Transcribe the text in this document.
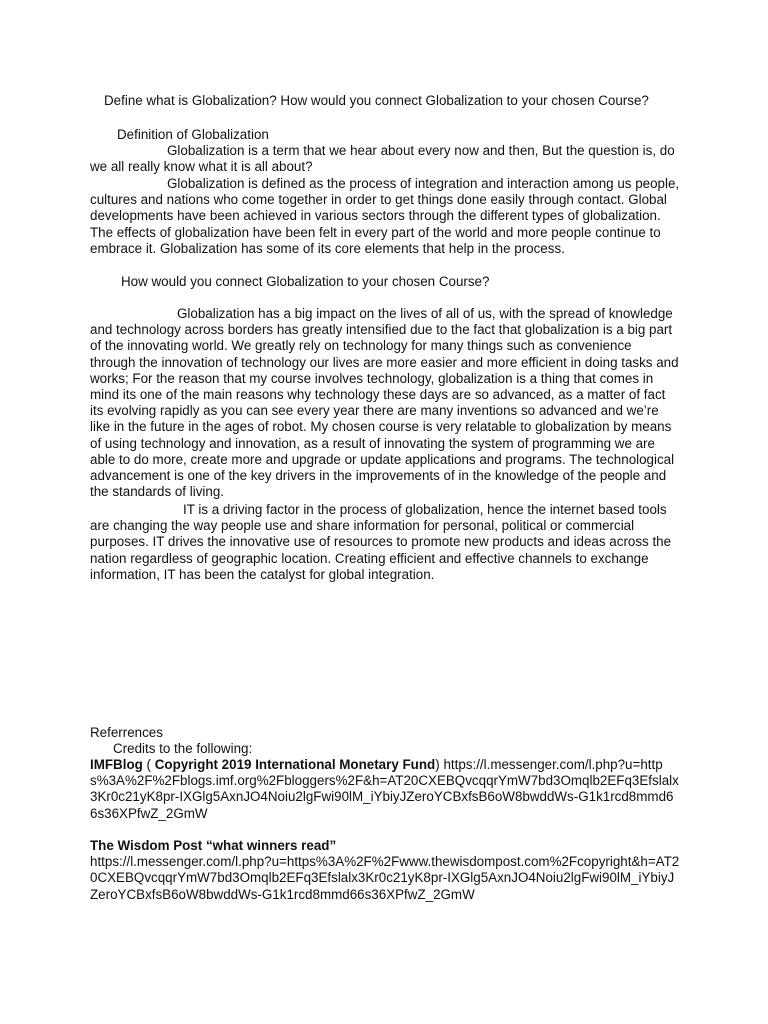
Define what is Globalization? How would you connect Globalization to your chosen Course?

Definition of Globalization

Globalization is a term that we hear about every now and then, But the question is, do we all really know what it is all about?

Globalization is defined as the process of integration and interaction among us people, cultures and nations who come together in order to get things done easily through contact. Global developments have been achieved in various sectors through the different types of globalization. The effects of globalization have been felt in every part of the world and more people continue to embrace it. Globalization has some of its core elements that help in the process.

How would you connect Globalization to your chosen Course?

Globalization has a big impact on the lives of all of us, with the spread of knowledge and technology across borders has greatly intensified due to the fact that globalization is a big part of the innovating world. We greatly rely on technology for many things such as convenience through the innovation of technology our lives are more easier and more efficient in doing tasks and works; For the reason that my course involves technology, globalization is a thing that comes in mind its one of the main reasons why technology these days are so advanced, as a matter of fact its evolving rapidly as you can see every year there are many inventions so advanced and we’re like in the future in the ages of robot. My chosen course is very relatable to globalization by means of using technology and innovation, as a result of innovating the system of programming we are able to do more, create more and upgrade or update applications and programs. The technological advancement is one of the key drivers in the improvements of in the knowledge of the people and the standards of living.

IT is a driving factor in the process of globalization, hence the internet based tools are changing the way people use and share information for personal, political or commercial purposes. IT drives the innovative use of resources to promote new products and ideas across the nation regardless of geographic location. Creating efficient and effective channels to exchange information, IT has been the catalyst for global integration.

Referrences

Credits to the following:

IMFBlog ( Copyright 2019 International Monetary Fund) https://l.messenger.com/l.php?u=https%3A%2F%2Fblogs.imf.org%2Fbloggers%2F&h=AT20CXEBQvcqqrYmW7bd3Omqlb2EFq3Efslalx3Kr0c21yK8pr-IXGlg5AxnJO4Noiu2lgFwi90lM_iYbiyJZeroYCBxfsB6oW8bwddWs-G1k1rcd8mmd66s36XPfwZ_2GmW

The Wisdom Post “what winners read”
https://l.messenger.com/l.php?u=https%3A%2F%2Fwww.thewisdompost.com%2Fcopyright&h=AT20CXEBQvcqqrYmW7bd3Omqlb2EFq3Efslalx3Kr0c21yK8pr-IXGlg5AxnJO4Noiu2lgFwi90lM_iYbiyJZeroYCBxfsB6oW8bwddWs-G1k1rcd8mmd66s36XPfwZ_2GmW
